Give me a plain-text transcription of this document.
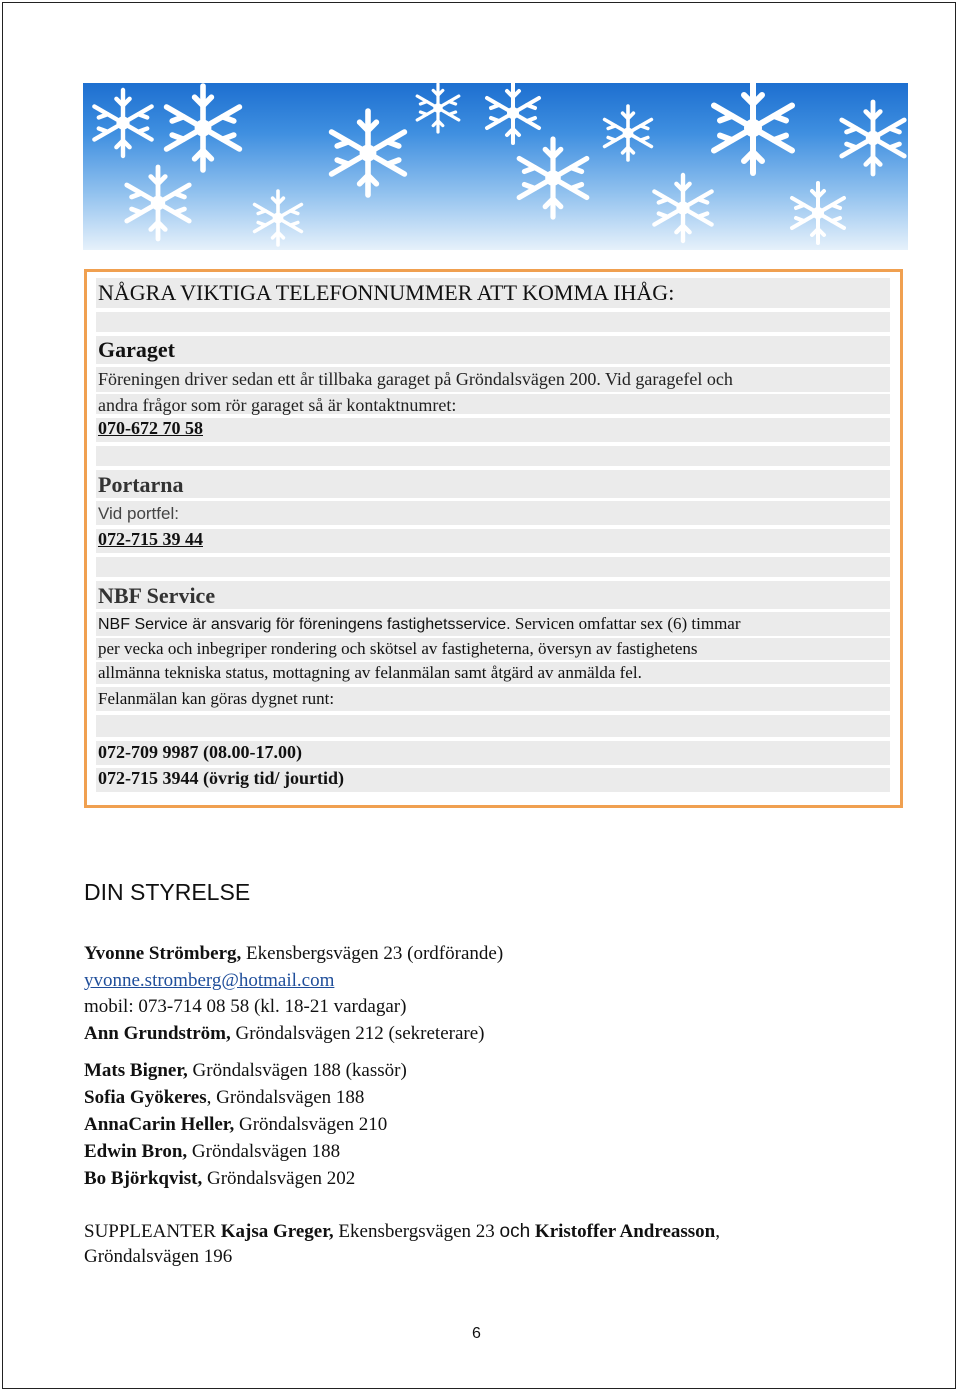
NÅGRA VIKTIGA TELEFONNUMMER ATT KOMMA IHÅG:
Garaget
Föreningen driver sedan ett år tillbaka garaget på Gröndalsvägen 200. Vid garagefel och
andra frågor som rör garaget så är kontaktnumret:
070-672 70 58
Portarna
Vid portfel:
072-715 39 44
NBF Service
NBF Service är ansvarig för föreningens fastighetsservice. Servicen omfattar sex (6) timmar
per vecka och inbegriper rondering och skötsel av fastigheterna, översyn av fastighetens
allmänna tekniska status, mottagning av felanmälan samt åtgärd av anmälda fel.
Felanmälan kan göras dygnet runt:
072-709 9987 (08.00-17.00)
072-715 3944 (övrig tid/ jourtid)
DIN STYRELSE
Yvonne Strömberg, Ekensbergsvägen 23 (ordförande)
yvonne.stromberg@hotmail.com
mobil: 073-714 08 58 (kl. 18-21 vardagar)
Ann Grundström, Gröndalsvägen 212 (sekreterare)
Mats Bigner, Gröndalsvägen 188 (kassör)
Sofia Gyökeres, Gröndalsvägen 188
AnnaCarin Heller, Gröndalsvägen 210
Edwin Bron, Gröndalsvägen 188
Bo Björkqvist, Gröndalsvägen 202
SUPPLEANTER Kajsa Greger, Ekensbergsvägen 23 och Kristoffer Andreasson,
Gröndalsvägen 196
6
